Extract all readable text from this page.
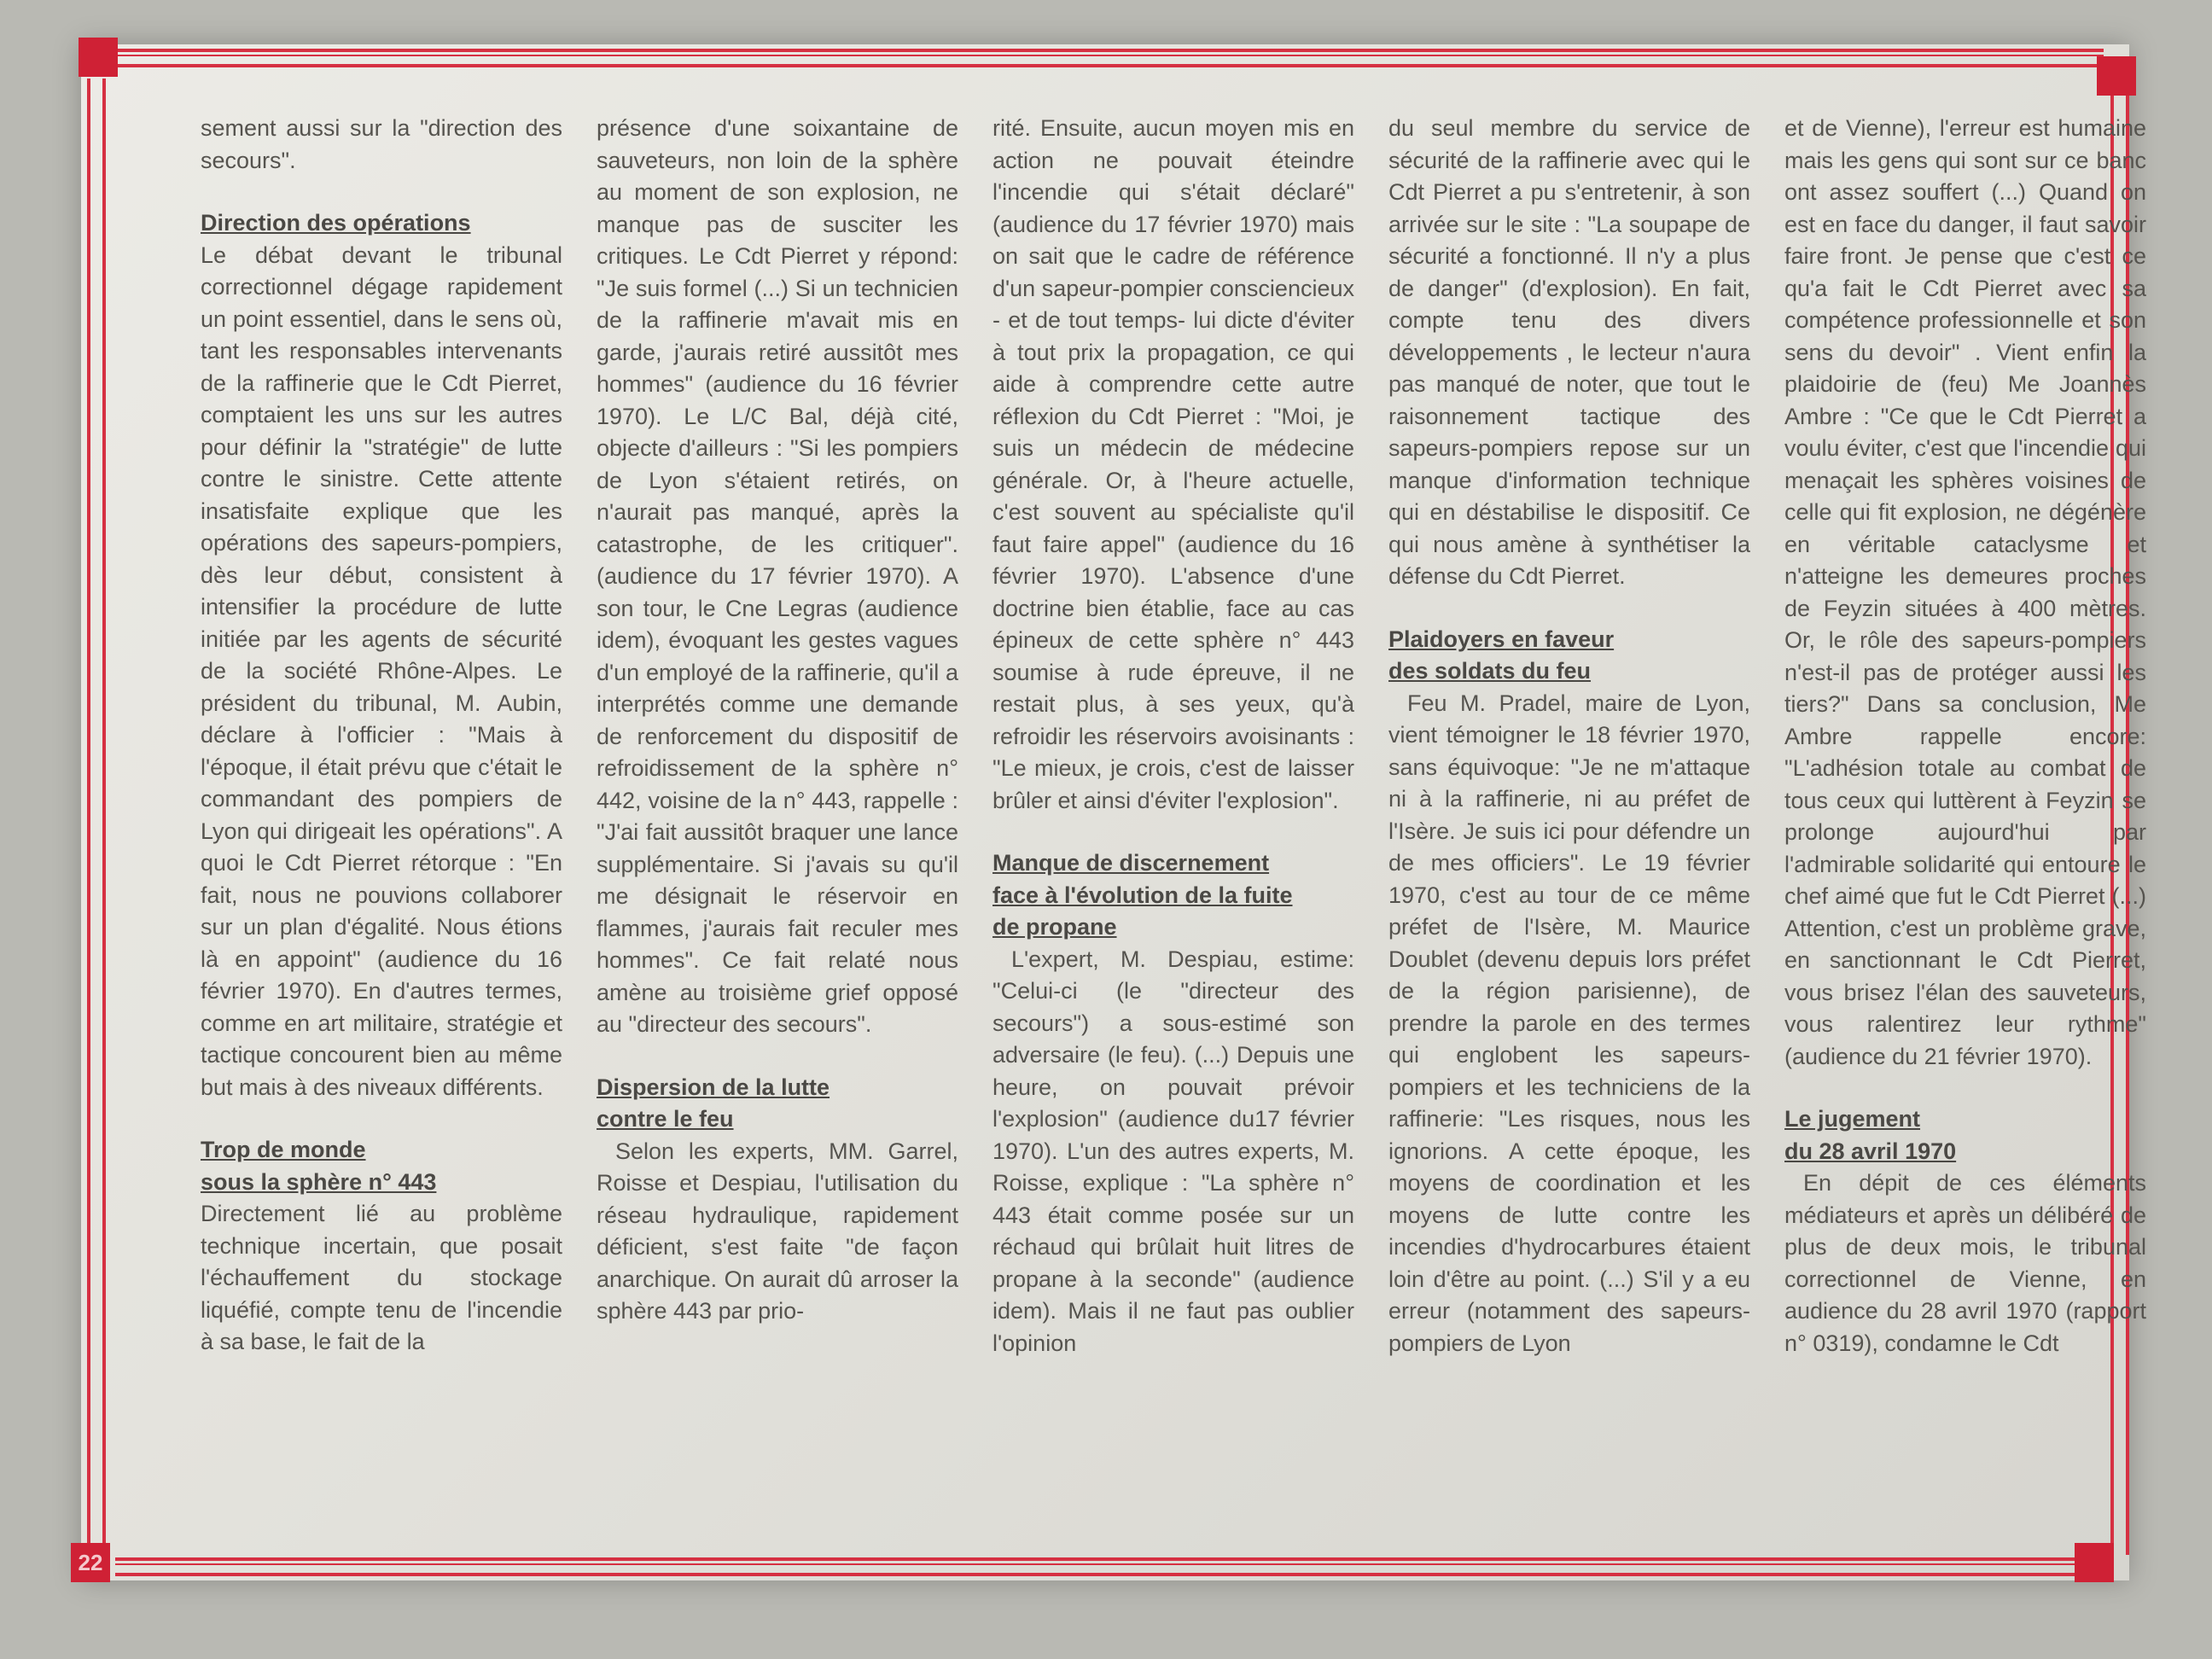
22

sement aussi sur la "direction des secours".

Direction des opérations

Le débat devant le tribunal correctionnel dégage rapidement un point essentiel, dans le sens où, tant les responsables intervenants de la raffinerie que le Cdt Pierret, comptaient les uns sur les autres pour définir la "stratégie" de lutte contre le sinistre. Cette attente insatisfaite explique que les opérations des sapeurs-pompiers, dès leur début, consistent à intensifier la procédure de lutte initiée par les agents de sécurité de la société Rhône-Alpes. Le président du tribunal, M. Aubin, déclare à l'officier : "Mais à l'époque, il était prévu que c'était le commandant des pompiers de Lyon qui dirigeait les opérations". A quoi le Cdt Pierret rétorque : "En fait, nous ne pouvions collaborer sur un plan d'égalité. Nous étions là en appoint" (audience du 16 février 1970). En d'autres termes, comme en art militaire, stratégie et tactique concourent bien au même but mais à des niveaux différents.

Trop de monde
sous la sphère n° 443

Directement lié au problème technique incertain, que posait l'échauffement du stockage liquéfié, compte tenu de l'incendie à sa base, le fait de la

présence d'une soixantaine de sauveteurs, non loin de la sphère au moment de son explosion, ne manque pas de susciter les critiques. Le Cdt Pierret y répond: "Je suis formel (...) Si un technicien de la raffinerie m'avait mis en garde, j'aurais retiré aussitôt mes hommes" (audience du 16 février 1970). Le L/C Bal, déjà cité, objecte d'ailleurs : "Si les pompiers de Lyon s'étaient retirés, on n'aurait pas manqué, après la catastrophe, de les critiquer". (audience du 17 février 1970). A son tour, le Cne Legras (audience idem), évoquant les gestes vagues d'un employé de la raffinerie, qu'il a interprétés comme une demande de renforcement du dispositif de refroidissement de la sphère n° 442, voisine de la n° 443, rappelle : "J'ai fait aussitôt braquer une lance supplémentaire. Si j'avais su qu'il me désignait le réservoir en flammes, j'aurais fait reculer mes hommes". Ce fait relaté nous amène au troisième grief opposé au "directeur des secours".

Dispersion de la lutte
contre le feu

Selon les experts, MM. Garrel, Roisse et Despiau, l'utilisation du réseau hydraulique, rapidement déficient, s'est faite "de façon anarchique. On aurait dû arroser la sphère 443 par prio-

rité. Ensuite, aucun moyen mis en action ne pouvait éteindre l'incendie qui s'était déclaré" (audience du 17 février 1970) mais on sait que le cadre de référence d'un sapeur-pompier consciencieux - et de tout temps- lui dicte d'éviter à tout prix la propagation, ce qui aide à comprendre cette autre réflexion du Cdt Pierret : "Moi, je suis un médecin de médecine générale. Or, à l'heure actuelle, c'est souvent au spécialiste qu'il faut faire appel" (audience du 16 février 1970). L'absence d'une doctrine bien établie, face au cas épineux de cette sphère n° 443 soumise à rude épreuve, il ne restait plus, à ses yeux, qu'à refroidir les réservoirs avoisinants : "Le mieux, je crois, c'est de laisser brûler et ainsi d'éviter l'explosion".

Manque de discernement
face à l'évolution de la fuite
de propane

L'expert, M. Despiau, estime: "Celui-ci (le "directeur des secours") a sous-estimé son adversaire (le feu). (...) Depuis une heure, on pouvait prévoir l'explosion" (audience du17 février 1970). L'un des autres experts, M. Roisse, explique : "La sphère n° 443 était comme posée sur un réchaud qui brûlait huit litres de propane à la seconde" (audience idem). Mais il ne faut pas oublier l'opinion

du seul membre du service de sécurité de la raffinerie avec qui le Cdt Pierret a pu s'entretenir, à son arrivée sur le site : "La soupape de sécurité a fonctionné. Il n'y a plus de danger" (d'explosion). En fait, compte tenu des divers développements , le lecteur n'aura pas manqué de noter, que tout le raisonnement tactique des sapeurs-pompiers repose sur un manque d'information technique qui en déstabilise le dispositif. Ce qui nous amène à synthétiser la défense du Cdt Pierret.

Plaidoyers en faveur
des soldats du feu

Feu M. Pradel, maire de Lyon, vient témoigner le 18 février 1970, sans équivoque: "Je ne m'attaque ni à la raffinerie, ni au préfet de l'Isère. Je suis ici pour défendre un de mes officiers". Le 19 février 1970, c'est au tour de ce même préfet de l'Isère, M. Maurice Doublet (devenu depuis lors préfet de la région parisienne), de prendre la parole en des termes qui englobent les sapeurs-pompiers et les techniciens de la raffinerie: "Les risques, nous les ignorions. A cette époque, les moyens de coordination et les moyens de lutte contre les incendies d'hydrocarbures étaient loin d'être au point. (...) S'il y a eu erreur (notamment des sapeurs-pompiers de Lyon

et de Vienne), l'erreur est humaine mais les gens qui sont sur ce banc ont assez souffert (...) Quand on est en face du danger, il faut savoir faire front. Je pense que c'est ce qu'a fait le Cdt Pierret avec sa compétence professionnelle et son sens du devoir" . Vient enfin la plaidoirie de (feu) Me Joannès Ambre : "Ce que le Cdt Pierret a voulu éviter, c'est que l'incendie qui menaçait les sphères voisines de celle qui fit explosion, ne dégénère en véritable cataclysme et n'atteigne les demeures proches de Feyzin situées à 400 mètres. Or, le rôle des sapeurs-pompiers n'est-il pas de protéger aussi les tiers?" Dans sa conclusion, Me Ambre rappelle encore: "L'adhésion totale au combat de tous ceux qui luttèrent à Feyzin se prolonge aujourd'hui par l'admirable solidarité qui entoure le chef aimé que fut le Cdt Pierret (...) Attention, c'est un problème grave, en sanctionnant le Cdt Pierret, vous brisez l'élan des sauveteurs, vous ralentirez leur rythme" (audience du 21 février 1970).

Le jugement
du 28 avril 1970

En dépit de ces éléments médiateurs et après un délibéré de plus de deux mois, le tribunal correctionnel de Vienne, en audience du 28 avril 1970 (rapport n° 0319), condamne le Cdt
